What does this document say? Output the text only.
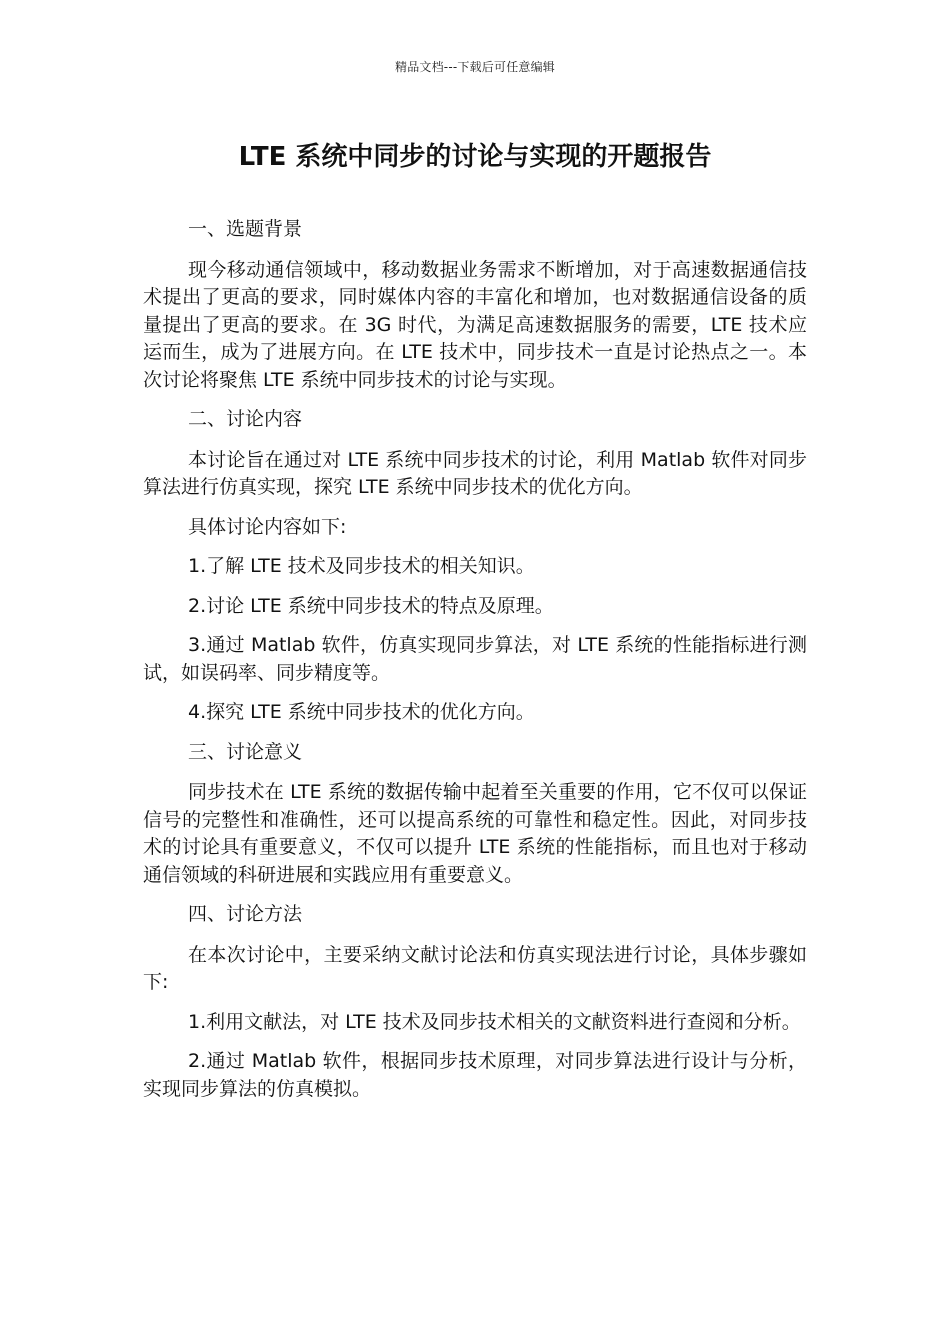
精品文档---下载后可任意编辑
LTE 系统中同步的讨论与实现的开题报告

一、选题背景

现今移动通信领域中，移动数据业务需求不断增加，对于高速数据通信技术提出了更高的要求，同时媒体内容的丰富化和增加，也对数据通信设备的质量提出了更高的要求。在 3G 时代，为满足高速数据服务的需要，LTE 技术应运而生，成为了进展方向。在 LTE 技术中，同步技术一直是讨论热点之一。本次讨论将聚焦 LTE 系统中同步技术的讨论与实现。

二、讨论内容

本讨论旨在通过对 LTE 系统中同步技术的讨论，利用 Matlab 软件对同步算法进行仿真实现，探究 LTE 系统中同步技术的优化方向。

具体讨论内容如下:

1.了解 LTE 技术及同步技术的相关知识。

2.讨论 LTE 系统中同步技术的特点及原理。

3.通过 Matlab 软件，仿真实现同步算法，对 LTE 系统的性能指标进行测试，如误码率、同步精度等。

4.探究 LTE 系统中同步技术的优化方向。

三、讨论意义

同步技术在 LTE 系统的数据传输中起着至关重要的作用，它不仅可以保证信号的完整性和准确性，还可以提高系统的可靠性和稳定性。因此，对同步技术的讨论具有重要意义，不仅可以提升 LTE 系统的性能指标，而且也对于移动通信领域的科研进展和实践应用有重要意义。

四、讨论方法

在本次讨论中，主要采纳文献讨论法和仿真实现法进行讨论，具体步骤如下:

1.利用文献法，对 LTE 技术及同步技术相关的文献资料进行查阅和分析。

2.通过 Matlab 软件，根据同步技术原理，对同步算法进行设计与分析，实现同步算法的仿真模拟。
